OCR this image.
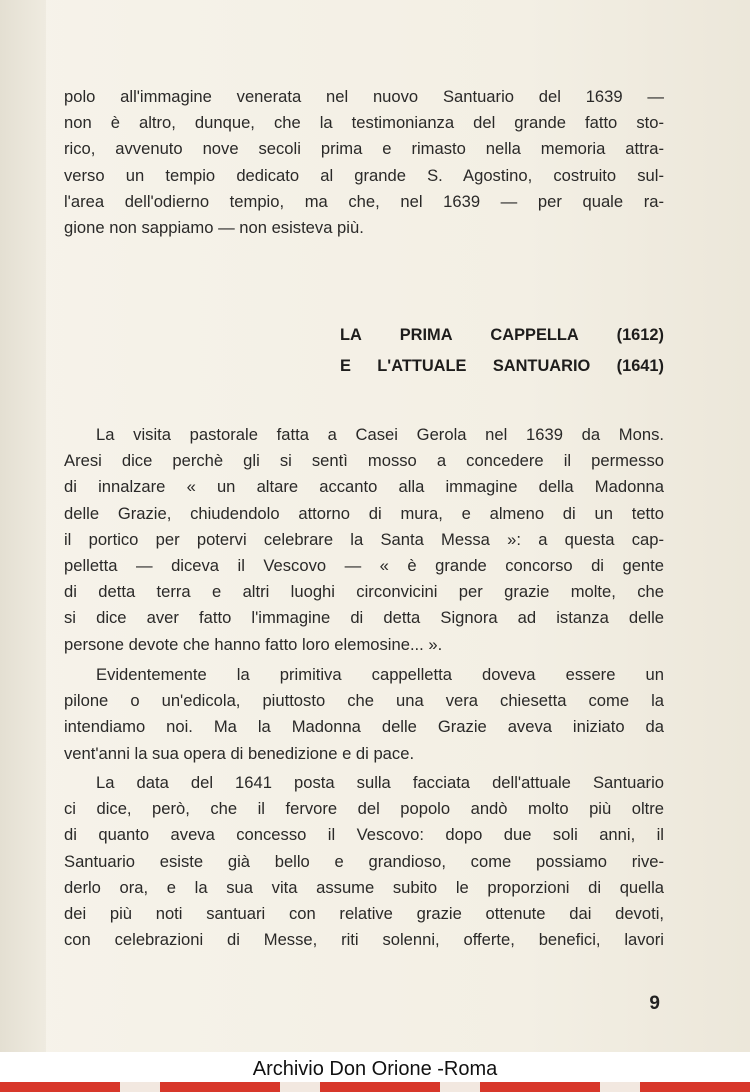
polo all'immagine venerata nel nuovo Santuario del 1639 —
non è altro, dunque, che la testimonianza del grande fatto sto-
rico, avvenuto nove secoli prima e rimasto nella memoria attra-
verso un tempio dedicato al grande S. Agostino, costruito sul-
l'area dell'odierno tempio, ma che, nel 1639 — per quale ra-
gione non sappiamo — non esisteva più.
LA PRIMA CAPPELLA (1612)
E L'ATTUALE SANTUARIO (1641)
La visita pastorale fatta a Casei Gerola nel 1639 da Mons.
Aresi dice perchè gli si sentì mosso a concedere il permesso
di innalzare « un altare accanto alla immagine della Madonna
delle Grazie, chiudendolo attorno di mura, e almeno di un tetto
il portico per potervi celebrare la Santa Messa »: a questa cap-
pelletta — diceva il Vescovo — « è grande concorso di gente
di detta terra e altri luoghi circonvicini per grazie molte, che
si dice aver fatto l'immagine di detta Signora ad istanza delle
persone devote che hanno fatto loro elemosine... ».
Evidentemente la primitiva cappelletta doveva essere un
pilone o un'edicola, piuttosto che una vera chiesetta come la
intendiamo noi. Ma la Madonna delle Grazie aveva iniziato da
vent'anni la sua opera di benedizione e di pace.
La data del 1641 posta sulla facciata dell'attuale Santuario
ci dice, però, che il fervore del popolo andò molto più oltre
di quanto aveva concesso il Vescovo: dopo due soli anni, il
Santuario esiste già bello e grandioso, come possiamo rive-
derlo ora, e la sua vita assume subito le proporzioni di quella
dei più noti santuari con relative grazie ottenute dai devoti,
con celebrazioni di Messe, riti solenni, offerte, benefici, lavori
9
Archivio Don Orione -Roma
